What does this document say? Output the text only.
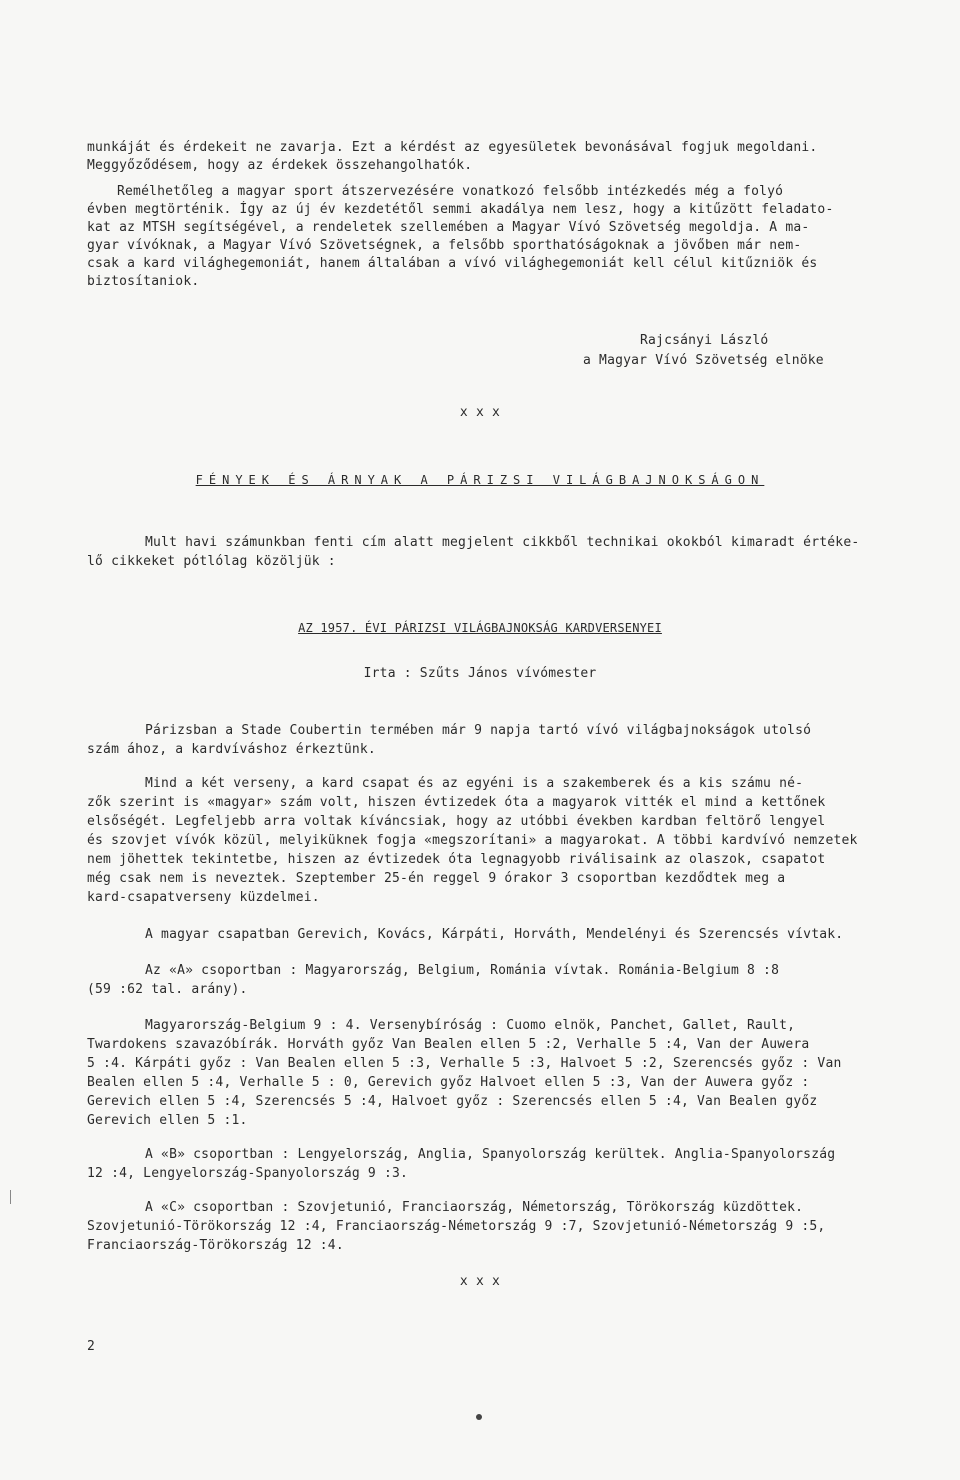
munkáját és érdekeit ne zavarja. Ezt a kérdést az egyesületek bevonásával fogjuk megoldani.
Meggyőződésem, hogy az érdekek összehangolhatók.
Remélhetőleg a magyar sport átszervezésére vonatkozó felsőbb intézkedés még a folyó
évben megtörténik. Így az új év kezdetétől semmi akadálya nem lesz, hogy a kitűzött feladato-
kat az MTSH segítségével, a rendeletek szellemében a Magyar Vívó Szövetség megoldja. A ma-
gyar vívóknak, a Magyar Vívó Szövetségnek, a felsőbb sporthatóságoknak a jövőben már nem-
csak a kard világhegemoniát, hanem általában a vívó világhegemoniát kell célul kitűzniök és
biztosítaniok.
Rajcsányi László
a Magyar Vívó Szövetség elnöke
x x x
FÉNYEK ÉS ÁRNYAK A PÁRIZSI VILÁGBAJNOKSÁGON
Mult havi számunkban fenti cím alatt megjelent cikkből technikai okokból kimaradt értéke-
lő cikkeket pótlólag közöljük :
AZ 1957. ÉVI PÁRIZSI VILÁGBAJNOKSÁG KARDVERSENYEI
Irta : Szűts János vívómester
Párizsban a Stade Coubertin termében már 9 napja tartó vívó világbajnokságok utolsó
szám ához, a kardvíváshoz érkeztünk.
Mind a két verseny, a kard csapat és az egyéni is a szakemberek és a kis számu né-
zők szerint is «magyar» szám volt, hiszen évtizedek óta a magyarok vitték el mind a kettőnek
elsőségét. Legfeljebb arra voltak kíváncsiak, hogy az utóbbi években kardban feltörő lengyel
és szovjet vívók közül, melyiküknek fogja «megszorítani» a magyarokat. A többi kardvívó nemzetek
nem jöhettek tekintetbe, hiszen az évtizedek óta legnagyobb riválisaink az olaszok, csapatot
még csak nem is neveztek. Szeptember 25-én reggel 9 órakor 3 csoportban kezdődtek meg a
kard-csapatverseny küzdelmei.
A magyar csapatban Gerevich, Kovács, Kárpáti, Horváth, Mendelényi és Szerencsés vívtak.
Az «A» csoportban : Magyarország, Belgium, Románia vívtak. Románia-Belgium 8 :8
(59 :62 tal. arány).
Magyarország-Belgium 9 : 4. Versenybíróság : Cuomo elnök, Panchet, Gallet, Rault,
Twardokens szavazóbírák. Horváth győz Van Bealen ellen 5 :2, Verhalle 5 :4, Van der Auwera
5 :4. Kárpáti győz : Van Bealen ellen 5 :3, Verhalle 5 :3, Halvoet 5 :2, Szerencsés győz : Van
Bealen ellen 5 :4, Verhalle 5 : 0, Gerevich győz Halvoet ellen 5 :3, Van der Auwera győz :
Gerevich ellen 5 :4, Szerencsés 5 :4, Halvoet győz : Szerencsés ellen 5 :4, Van Bealen győz
Gerevich ellen 5 :1.
A «B» csoportban : Lengyelország, Anglia, Spanyolország kerültek. Anglia-Spanyolország
12 :4, Lengyelország-Spanyolország 9 :3.
A «C» csoportban : Szovjetunió, Franciaország, Németország, Törökország küzdöttek.
Szovjetunió-Törökország 12 :4, Franciaország-Németország 9 :7, Szovjetunió-Németország 9 :5,
Franciaország-Törökország 12 :4.
x x x
2
